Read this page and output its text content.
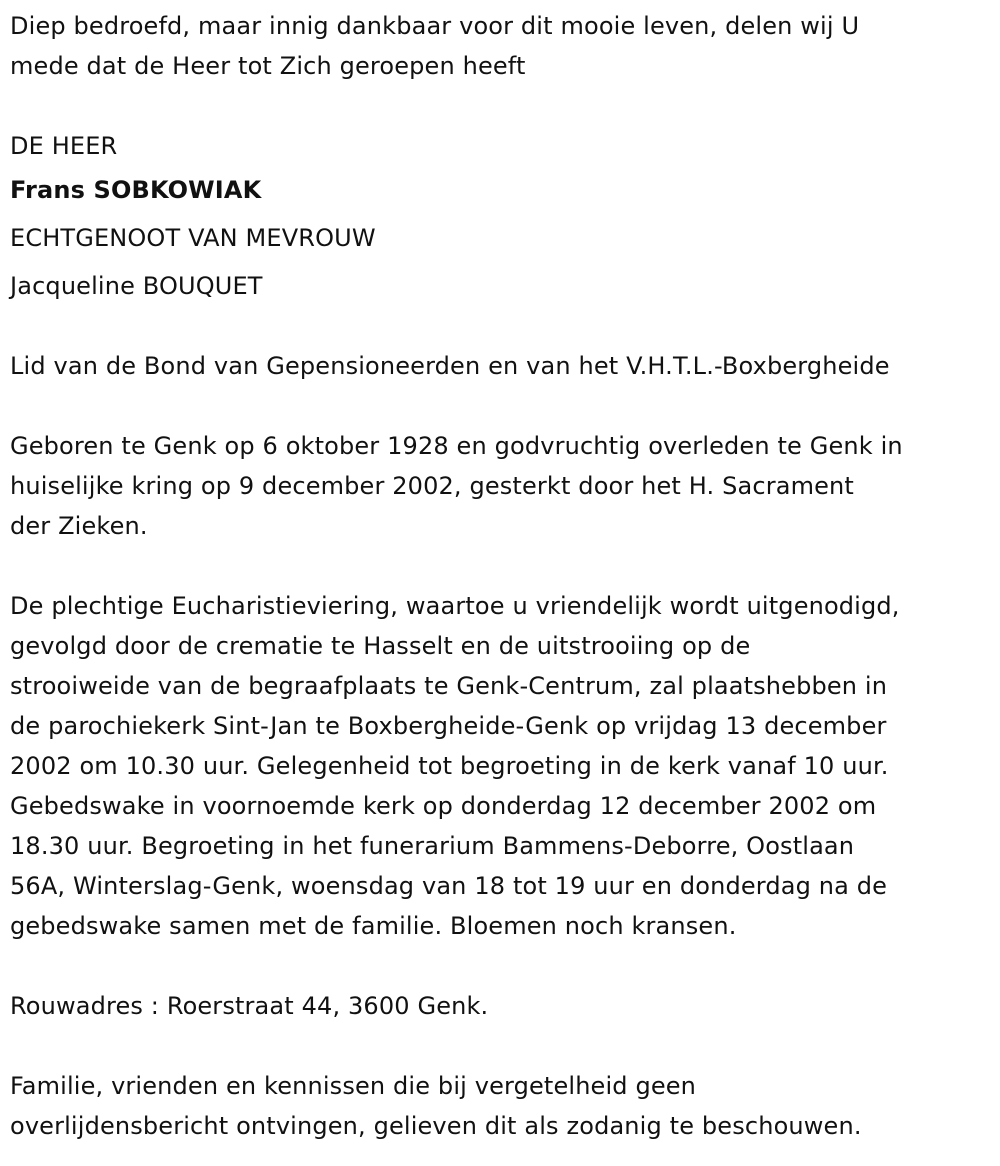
Diep bedroefd, maar innig dankbaar voor dit mooie leven, delen wij U
mede dat de Heer tot Zich geroepen heeft
DE HEER
Frans SOBKOWIAK
ECHTGENOOT VAN MEVROUW
Jacqueline BOUQUET
Lid van de Bond van Gepensioneerden en van het V.H.T.L.-Boxbergheide
Geboren te Genk op 6 oktober 1928 en godvruchtig overleden te Genk in
huiselijke kring op 9 december 2002, gesterkt door het H. Sacrament
der Zieken.
De plechtige Eucharistieviering, waartoe u vriendelijk wordt uitgenodigd,
gevolgd door de crematie te Hasselt en de uitstrooiing op de
strooiweide van de begraafplaats te Genk-Centrum, zal plaatshebben in
de parochiekerk Sint-Jan te Boxbergheide-Genk op vrijdag 13 december
2002 om 10.30 uur. Gelegenheid tot begroeting in de kerk vanaf 10 uur.
Gebedswake in voornoemde kerk op donderdag 12 december 2002 om
18.30 uur. Begroeting in het funerarium Bammens-Deborre, Oostlaan
56A, Winterslag-Genk, woensdag van 18 tot 19 uur en donderdag na de
gebedswake samen met de familie. Bloemen noch kransen.
Rouwadres : Roerstraat 44, 3600 Genk.
Familie, vrienden en kennissen die bij vergetelheid geen
overlijdensbericht ontvingen, gelieven dit als zodanig te beschouwen.
